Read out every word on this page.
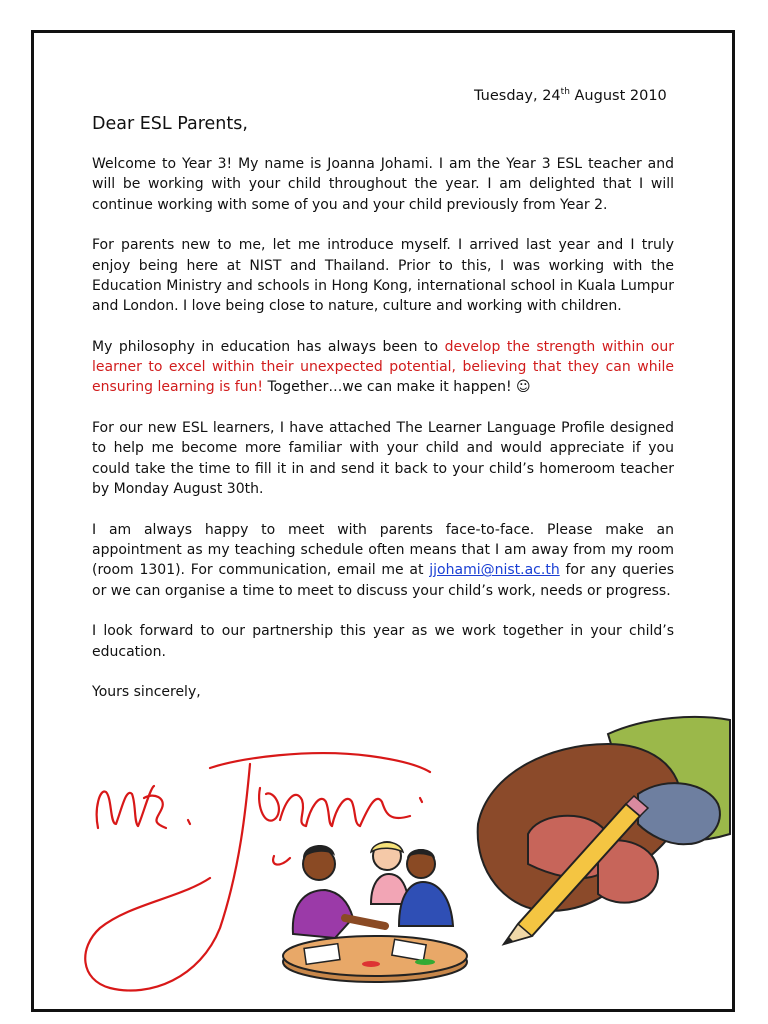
Tuesday, 24th August 2010
Dear ESL Parents,

Welcome to Year 3! My name is Joanna Johami. I am the Year 3 ESL teacher and will be working with your child throughout the year. I am delighted that I will continue working with some of you and your child previously from Year 2.

For parents new to me, let me introduce myself. I arrived last year and I truly enjoy being here at NIST and Thailand. Prior to this, I was working with the Education Ministry and schools in Hong Kong, international school in Kuala Lumpur and London. I love being close to nature, culture and working with children.

My philosophy in education has always been to develop the strength within our learner to excel within their unexpected potential, believing that they can while ensuring learning is fun! Together…we can make it happen! ☺

For our new ESL learners, I have attached The Learner Language Profile designed to help me become more familiar with your child and would appreciate if you could take the time to fill it in and send it back to your child’s homeroom teacher by Monday August 30th.

I am always happy to meet with parents face-to-face. Please make an appointment as my teaching schedule often means that I am away from my room (room 1301). For communication, email me at jjohami@nist.ac.th for any queries or we can organise a time to meet to discuss your child’s work, needs or progress.

I look forward to our partnership this year as we work together in your child’s education.

Yours sincerely,
